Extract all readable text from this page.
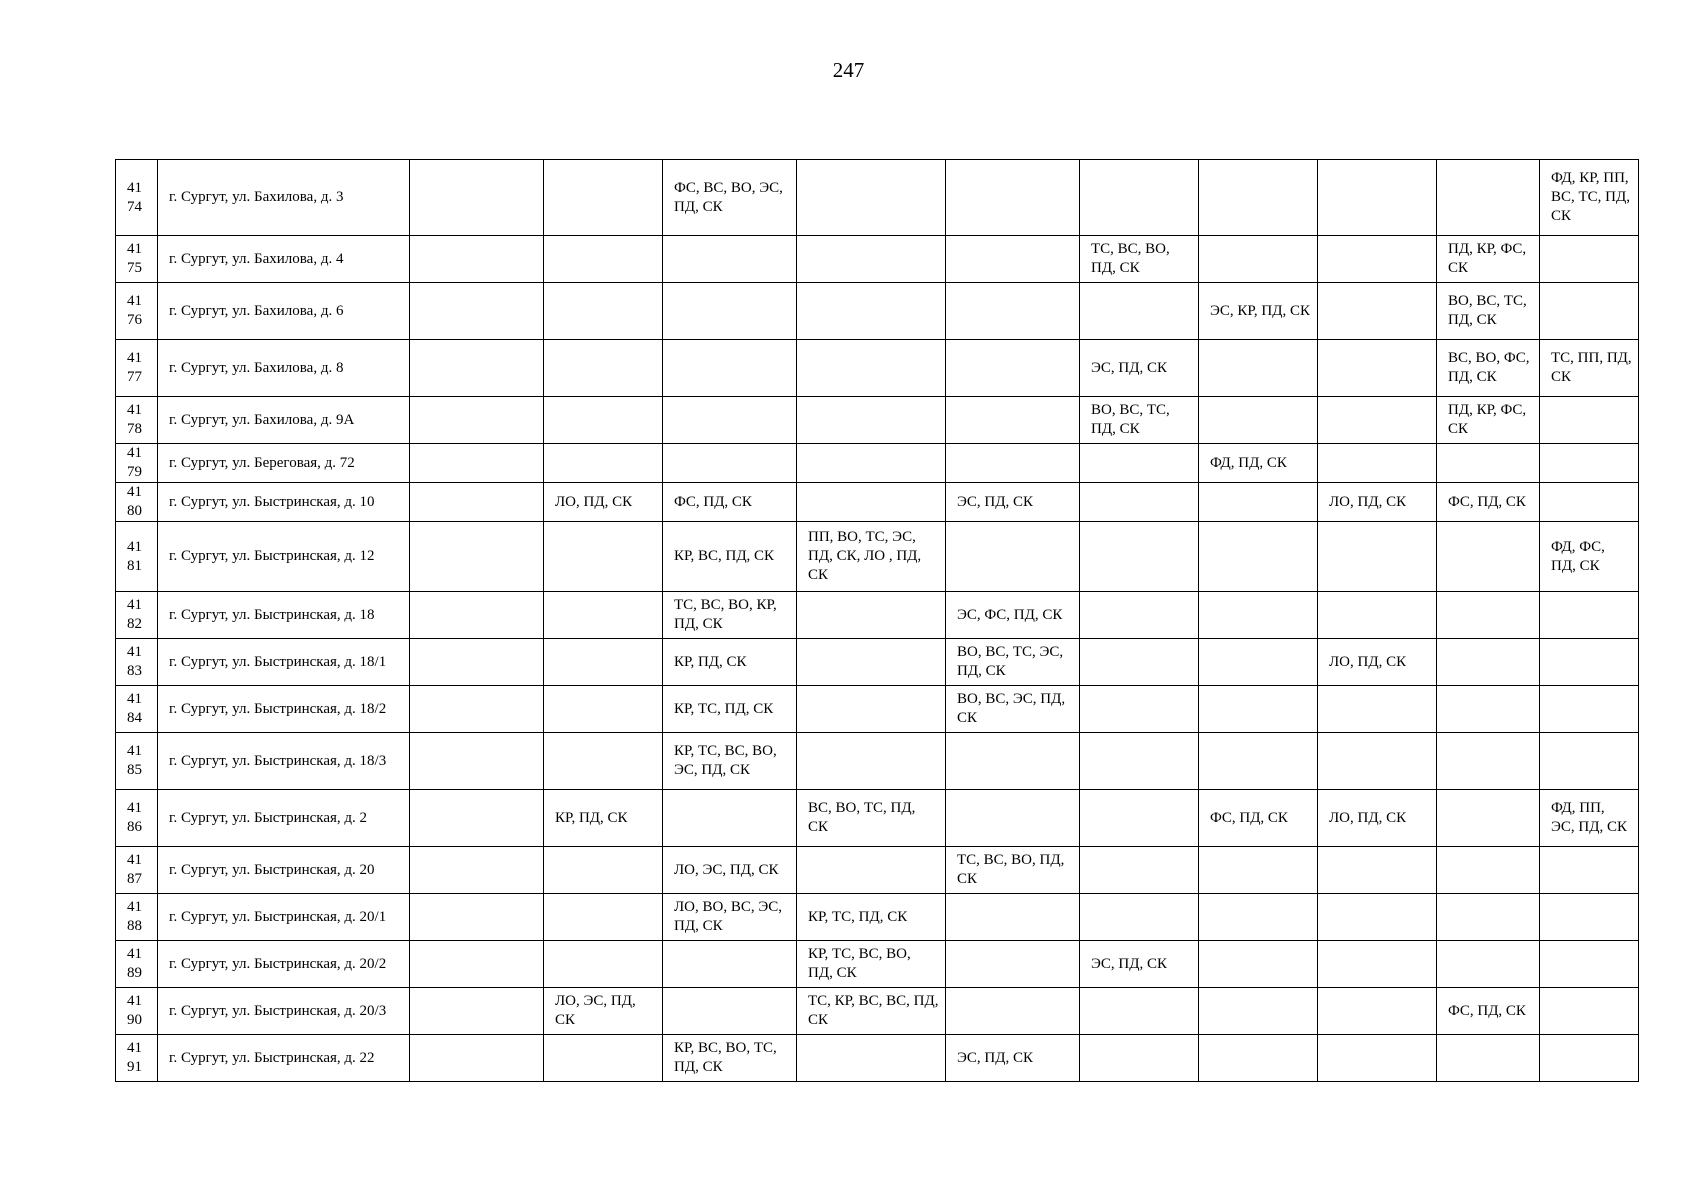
247
41 74	г. Сургут, ул. Бахилова, д. 3			ФС, ВС, ВО, ЭС, ПД, СК							ФД, КР, ПП, ВС, ТС, ПД, СК
41 75	г. Сургут, ул. Бахилова, д. 4						ТС, ВС, ВО, ПД, СК			ПД, КР, ФС, СК	
41 76	г. Сургут, ул. Бахилова, д. 6							ЭС, КР, ПД, СК		ВО, ВС, ТС, ПД, СК	
41 77	г. Сургут, ул. Бахилова, д. 8						ЭС, ПД, СК			ВС, ВО, ФС, ПД, СК	ТС, ПП, ПД, СК
41 78	г. Сургут, ул. Бахилова, д. 9А						ВО, ВС, ТС, ПД, СК			ПД, КР, ФС, СК	
41 79	г. Сургут, ул. Береговая, д. 72							ФД, ПД, СК			
41 80	г. Сургут, ул. Быстринская, д. 10		ЛО, ПД, СК	ФС, ПД, СК		ЭС, ПД, СК			ЛО, ПД, СК	ФС, ПД, СК	
41 81	г. Сургут, ул. Быстринская, д. 12			КР, ВС, ПД, СК	ПП, ВО, ТС, ЭС, ПД, СК, ЛО , ПД, СК						ФД, ФС, ПД, СК
41 82	г. Сургут, ул. Быстринская, д. 18			ТС, ВС, ВО, КР, ПД, СК		ЭС, ФС, ПД, СК					
41 83	г. Сургут, ул. Быстринская, д. 18/1			КР, ПД, СК		ВО, ВС, ТС, ЭС, ПД, СК			ЛО, ПД, СК		
41 84	г. Сургут, ул. Быстринская, д. 18/2			КР, ТС, ПД, СК		ВО, ВС, ЭС, ПД, СК					
41 85	г. Сургут, ул. Быстринская, д. 18/3			КР, ТС, ВС, ВО, ЭС, ПД, СК							
41 86	г. Сургут, ул. Быстринская, д. 2		КР, ПД, СК		ВС, ВО, ТС, ПД, СК			ФС, ПД, СК	ЛО, ПД, СК		ФД, ПП, ЭС, ПД, СК
41 87	г. Сургут, ул. Быстринская, д. 20			ЛО, ЭС, ПД, СК		ТС, ВС, ВО, ПД, СК					
41 88	г. Сургут, ул. Быстринская, д. 20/1			ЛО, ВО, ВС, ЭС, ПД, СК	КР, ТС, ПД, СК						
41 89	г. Сургут, ул. Быстринская, д. 20/2				КР, ТС, ВС, ВО, ПД, СК		ЭС, ПД, СК				
41 90	г. Сургут, ул. Быстринская, д. 20/3		ЛО, ЭС, ПД, СК		ТС, КР, ВС, ВС, ПД, СК					ФС, ПД, СК	
41 91	г. Сургут, ул. Быстринская, д. 22			КР, ВС, ВО, ТС, ПД, СК		ЭС, ПД, СК					
